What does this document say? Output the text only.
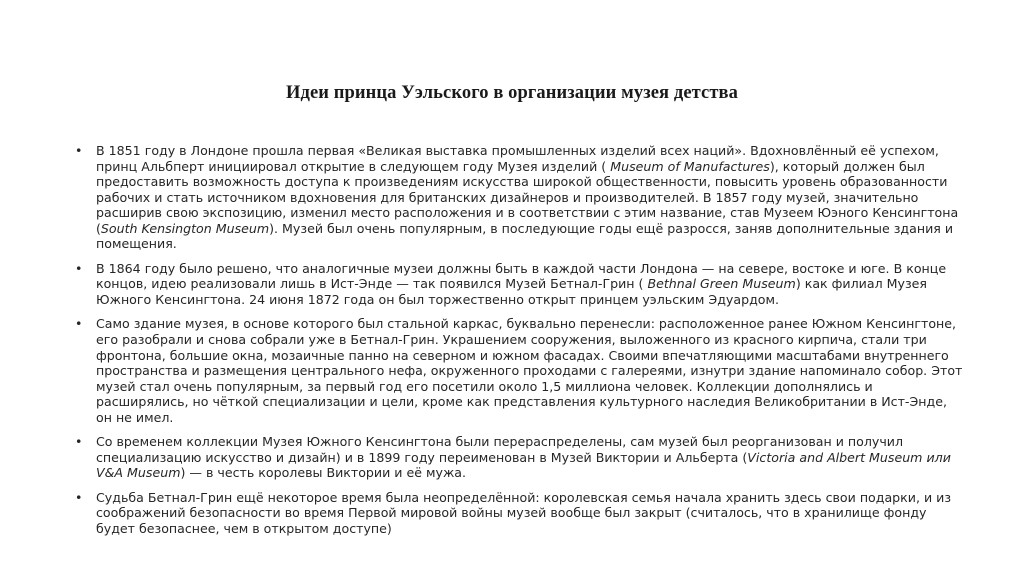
Идеи принца Уэльского в организации музея детства
• В 1851 году в Лондоне прошла первая «Великая выставка промышленных изделий всех наций». Вдохновлённый её успехом, принц Альбперт инициировал открытие в следующем году Музея изделий ( Museum of Manufactures), который должен был предоставить возможность доступа к произведениям искусства широкой общественности, повысить уровень образованности рабочих и стать источником вдохновения для британских дизайнеров и производителей. В 1857 году музей, значительно расширив свою экспозицию, изменил место расположения и в соответствии с этим название, став Музеем Юэного Кенсингтона (South Kensington Museum). Музей был очень популярным, в последующие годы ещё разросся, заняв дополнительные здания и помещения.
• В 1864 году было решено, что аналогичные музеи должны быть в каждой части Лондона — на севере, востоке и юге. В конце концов, идею реализовали лишь в Ист-Энде — так появился Музей Бетнал-Грин ( Bethnal Green Museum) как филиал Музея Южного Кенсингтона. 24 июня 1872 года он был торжественно открыт принцем уэльским Эдуардом.
• Само здание музея, в основе которого был стальной каркас, буквально перенесли: расположенное ранее Южном Кенсингтоне, его разобрали и снова собрали уже в Бетнал-Грин. Украшением сооружения, выложенного из красного кирпича, стали три фронтона, большие окна, мозаичные панно на северном и южном фасадах. Своими впечатляющими масштабами внутреннего пространства и размещения центрального нефа, окруженного проходами с галереями, изнутри здание напоминало собор. Этот музей стал очень популярным, за первый год его посетили около 1,5 миллиона человек. Коллекции дополнялись и расширялись, но чёткой специализации и цели, кроме как представления культурного наследия Великобритании в Ист-Энде, он не имел.
• Со временем коллекции Музея Южного Кенсингтона были перераспределены, сам музей был реорганизован и получил специализацию искусство и дизайн) и в 1899 году переименован в Музей Виктории и Альберта (Victoria and Albert Museum или V&A Museum) — в честь королевы Виктории и её мужа.
• Судьба Бетнал-Грин ещё некоторое время была неопределённой: королевская семья начала хранить здесь свои подарки, и из соображений безопасности во время Первой мировой войны музей вообще был закрыт (считалось, что в хранилище фонду будет безопаснее, чем в открытом доступе)
